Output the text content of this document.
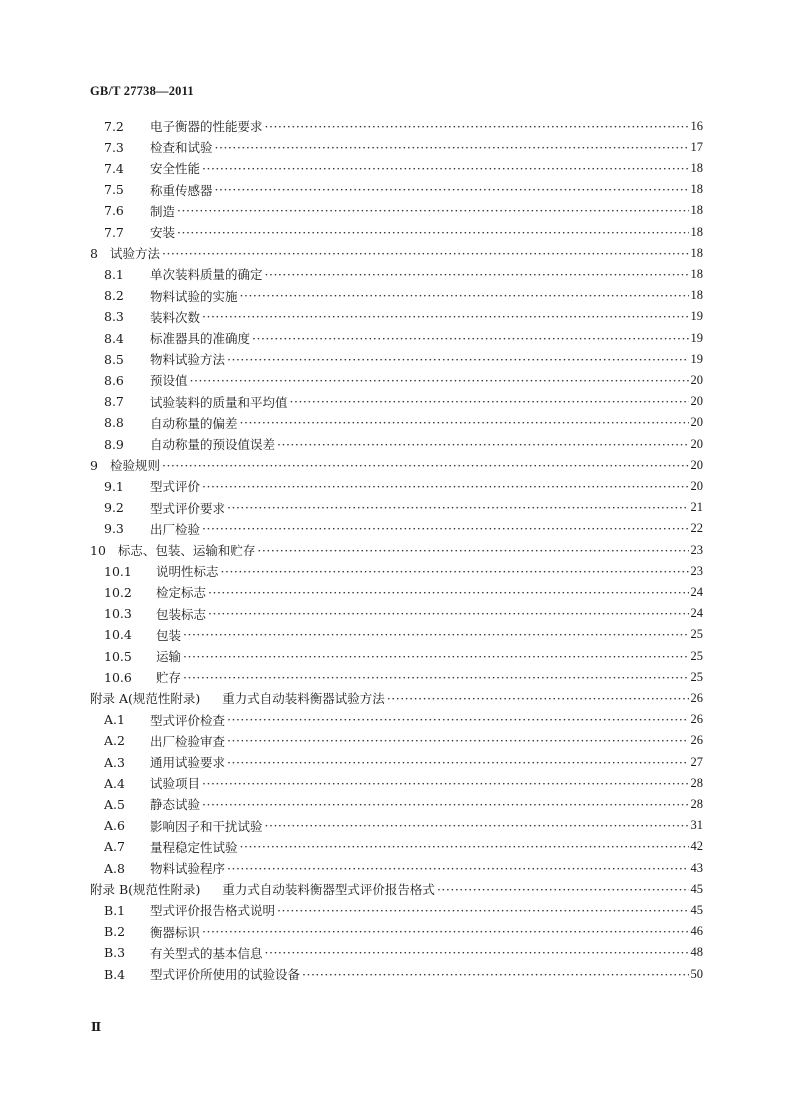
GB/T 27738—2011
7.2	电子衡器的性能要求 ·····	16
7.3	检查和试验 ·····	17
7.4	安全性能 ·····	18
7.5	称重传感器 ·····	18
7.6	制造 ·····	18
7.7	安装 ·····	18
8 试验方法 ·····	18
8.1	单次装料质量的确定 ·····	18
8.2	物料试验的实施 ·····	18
8.3	装料次数 ·····	19
8.4	标准器具的准确度 ·····	19
8.5	物料试验方法 ·····	19
8.6	预设值 ·····	20
8.7	试验装料的质量和平均值 ·····	20
8.8	自动称量的偏差 ·····	20
8.9	自动称量的预设值误差 ·····	20
9 检验规则 ·····	20
9.1	型式评价 ·····	20
9.2	型式评价要求 ·····	21
9.3	出厂检验 ·····	22
10 标志、包装、运输和贮存 ·····	23
10.1	说明性标志 ·····	23
10.2	检定标志 ·····	24
10.3	包装标志 ·····	24
10.4	包装 ·····	25
10.5	运输 ·····	25
10.6	贮存 ·····	25
附录 A(规范性附录) 重力式自动装料衡器试验方法 ·····	26
A.1	型式评价检查 ·····	26
A.2	出厂检验审查 ·····	26
A.3	通用试验要求 ·····	27
A.4	试验项目 ·····	28
A.5	静态试验 ·····	28
A.6	影响因子和干扰试验 ·····	31
A.7	量程稳定性试验 ·····	42
A.8	物料试验程序 ·····	43
附录 B(规范性附录) 重力式自动装料衡器型式评价报告格式 ·····	45
B.1	型式评价报告格式说明 ·····	45
B.2	衡器标识 ·····	46
B.3	有关型式的基本信息 ·····	48
B.4	型式评价所使用的试验设备 ·····	50
Ⅱ
